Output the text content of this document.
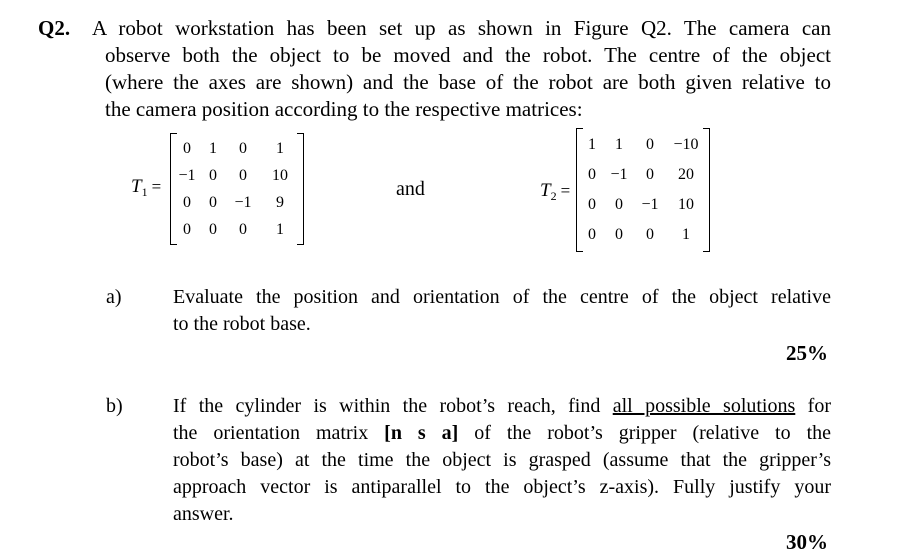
Q2. A robot workstation has been set up as shown in Figure Q2. The camera can
observe both the object to be moved and the robot. The centre of the object
(where the axes are shown) and the base of the robot are both given relative to
the camera position according to the respective matrices:
$T_1$ =
0	1	0	1
−1	0	0	10
0	0	−1	9
0	0	0	1
and	$T_2$ =
1	1	0	−10
0	−1	0	20
0	0	−1	10
0	0	0	1
a)	Evaluate the position and orientation of the centre of the object relative
to the robot base.
25%
b)	If the cylinder is within the robot’s reach, find all possible solutions for
the orientation matrix [n s a] of the robot’s gripper (relative to the
robot’s base) at the time the object is grasped (assume that the gripper’s
approach vector is antiparallel to the object’s z-axis). Fully justify your
answer.
30%
